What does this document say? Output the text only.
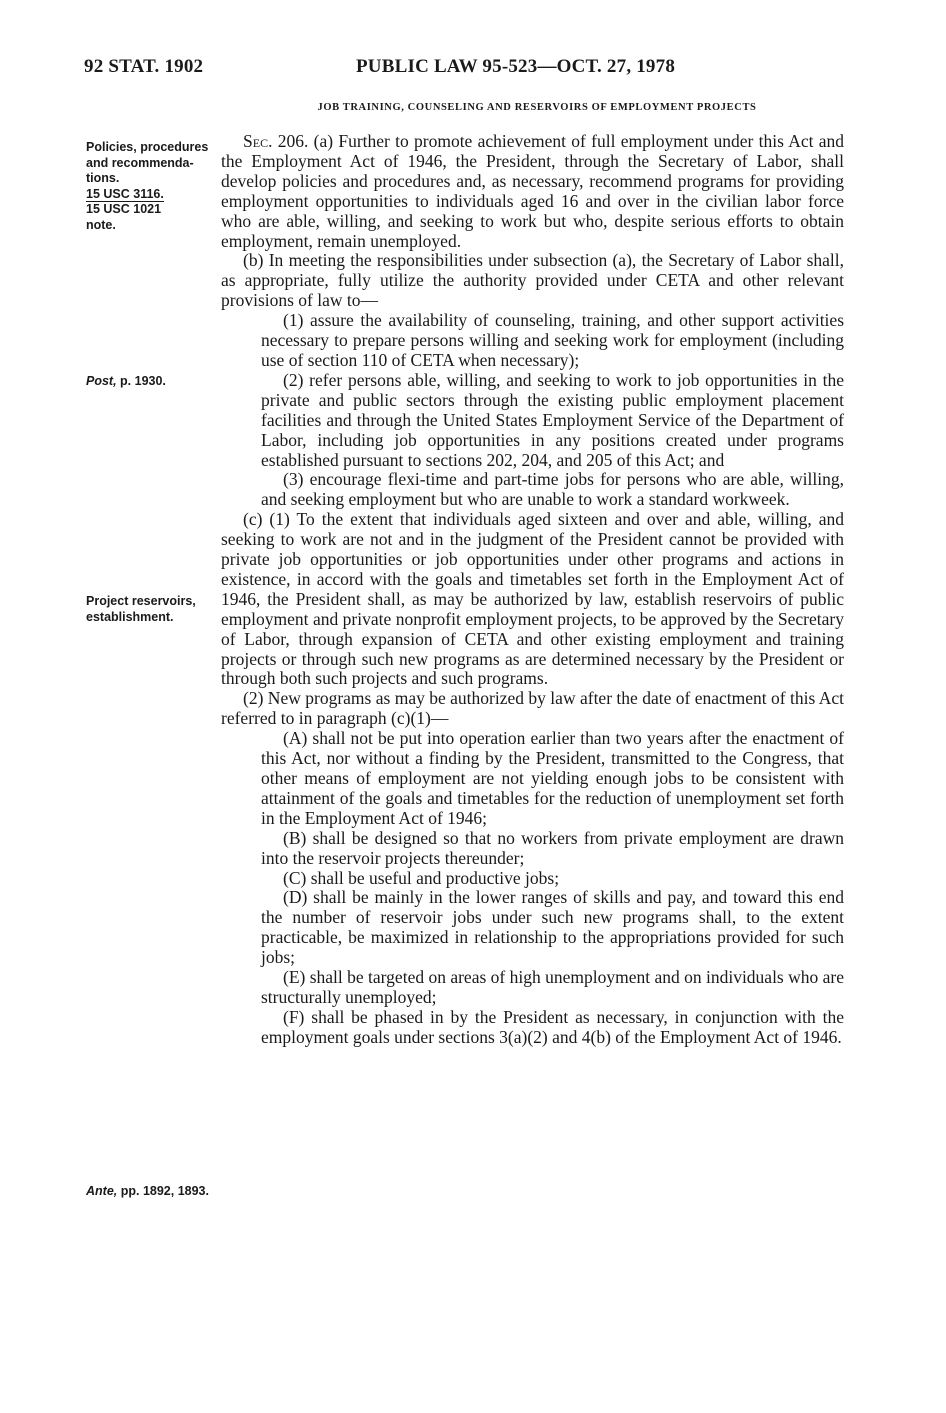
92 STAT. 1902	PUBLIC LAW 95-523—OCT. 27, 1978
JOB TRAINING, COUNSELING AND RESERVOIRS OF EMPLOYMENT PROJECTS
Policies, procedures and recommenda-tions.
15 USC 3116.
15 USC 1021
note.
Post, p. 1930.
Project reservoirs, establishment.
Ante, pp. 1892, 1893.

Sec. 206. (a) Further to promote achievement of full employment under this Act and the Employment Act of 1946, the President, through the Secretary of Labor, shall develop policies and procedures and, as necessary, recommend programs for providing employment opportunities to individuals aged 16 and over in the civilian labor force who are able, willing, and seeking to work but who, despite serious efforts to obtain employment, remain unemployed.

(b) In meeting the responsibilities under subsection (a), the Secretary of Labor shall, as appropriate, fully utilize the authority provided under CETA and other relevant provisions of law to—

(1) assure the availability of counseling, training, and other support activities necessary to prepare persons willing and seeking work for employment (including use of section 110 of CETA when necessary);

(2) refer persons able, willing, and seeking to work to job opportunities in the private and public sectors through the existing public employment placement facilities and through the United States Employment Service of the Department of Labor, including job opportunities in any positions created under programs established pursuant to sections 202, 204, and 205 of this Act; and

(3) encourage flexi-time and part-time jobs for persons who are able, willing, and seeking employment but who are unable to work a standard workweek.

(c) (1) To the extent that individuals aged sixteen and over and able, willing, and seeking to work are not and in the judgment of the President cannot be provided with private job opportunities or job opportunities under other programs and actions in existence, in accord with the goals and timetables set forth in the Employment Act of 1946, the President shall, as may be authorized by law, establish reservoirs of public employment and private nonprofit employment projects, to be approved by the Secretary of Labor, through expansion of CETA and other existing employment and training projects or through such new programs as are determined necessary by the President or through both such projects and such programs.

(2) New programs as may be authorized by law after the date of enactment of this Act referred to in paragraph (c)(1)—

(A) shall not be put into operation earlier than two years after the enactment of this Act, nor without a finding by the President, transmitted to the Congress, that other means of employment are not yielding enough jobs to be consistent with attainment of the goals and timetables for the reduction of unemployment set forth in the Employment Act of 1946;

(B) shall be designed so that no workers from private employment are drawn into the reservoir projects thereunder;

(C) shall be useful and productive jobs;

(D) shall be mainly in the lower ranges of skills and pay, and toward this end the number of reservoir jobs under such new programs shall, to the extent practicable, be maximized in relationship to the appropriations provided for such jobs;

(E) shall be targeted on areas of high unemployment and on individuals who are structurally unemployed;

(F) shall be phased in by the President as necessary, in conjunction with the employment goals under sections 3(a)(2) and 4(b) of the Employment Act of 1946.
